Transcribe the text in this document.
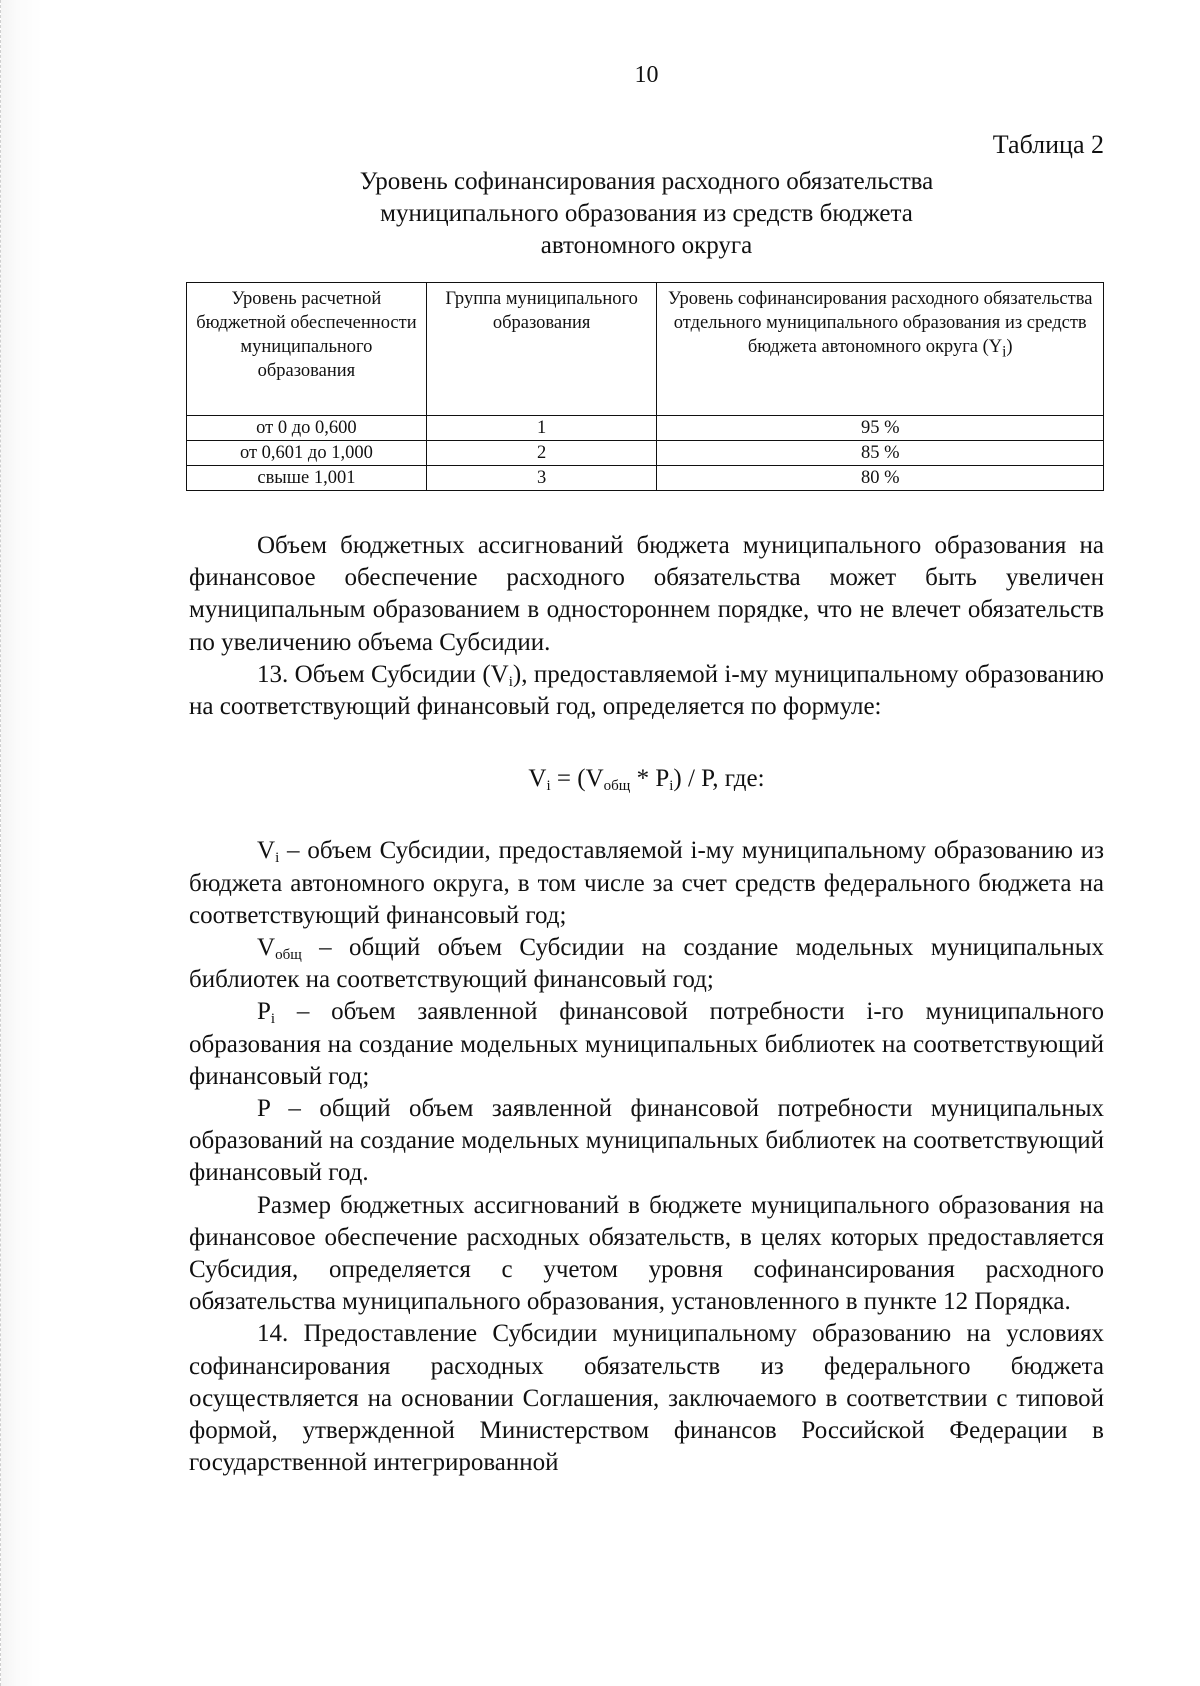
10
Таблица 2
Уровень софинансирования расходного обязательства
муниципального образования из средств бюджета
автономного округа
Уровень расчетной бюджетной обеспеченности муниципального образования	Группа муниципального образования	Уровень софинансирования расходного обязательства отдельного муниципального образования из средств бюджета автономного округа $(Y_i)$
от 0 до 0,600	1	95 %
от 0,601 до 1,000	2	85 %
свыше 1,001	3	80 %

Объем бюджетных ассигнований бюджета муниципального образования на финансовое обеспечение расходного обязательства может быть увеличен муниципальным образованием в одностороннем порядке, что не влечет обязательств по увеличению объема Субсидии.

13. Объем Субсидии $(V_i)$, предоставляемой i-му муниципальному образованию на соответствующий финансовый год, определяется по формуле:

$V_i = (V_{общ} * P_i) / P$, где:

$V_i$ – объем Субсидии, предоставляемой i-му муниципальному образованию из бюджета автономного округа, в том числе за счет средств федерального бюджета на соответствующий финансовый год;

$V_{общ}$ – общий объем Субсидии на создание модельных муниципальных библиотек на соответствующий финансовый год;

$P_i$ – объем заявленной финансовой потребности i-го муниципального образования на создание модельных муниципальных библиотек на соответствующий финансовый год;

P – общий объем заявленной финансовой потребности муниципальных образований на создание модельных муниципальных библиотек на соответствующий финансовый год.

Размер бюджетных ассигнований в бюджете муниципального образования на финансовое обеспечение расходных обязательств, в целях которых предоставляется Субсидия, определяется с учетом уровня софинансирования расходного обязательства муниципального образования, установленного в пункте 12 Порядка.

14. Предоставление Субсидии муниципальному образованию на условиях софинансирования расходных обязательств из федерального бюджета осуществляется на основании Соглашения, заключаемого в соответствии с типовой формой, утвержденной Министерством финансов Российской Федерации в государственной интегрированной
